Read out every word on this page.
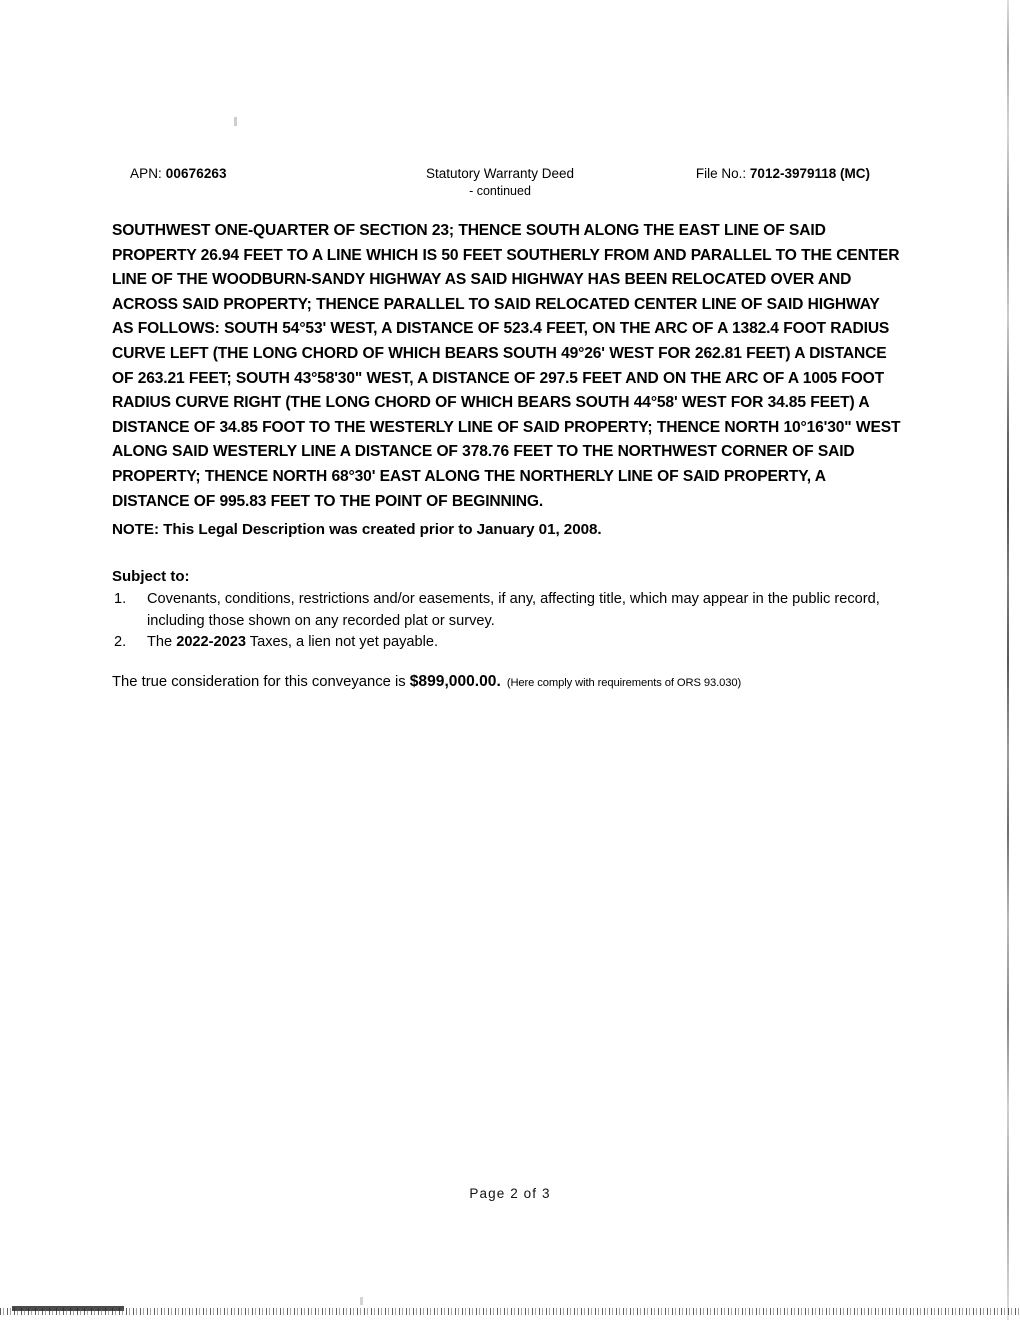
APN: 00676263	Statutory Warranty Deed
- continued
File No.: 7012-3979118 (MC)
SOUTHWEST ONE-QUARTER OF SECTION 23; THENCE SOUTH ALONG THE EAST LINE OF SAID PROPERTY 26.94 FEET TO A LINE WHICH IS 50 FEET SOUTHERLY FROM AND PARALLEL TO THE CENTER LINE OF THE WOODBURN-SANDY HIGHWAY AS SAID HIGHWAY HAS BEEN RELOCATED OVER AND ACROSS SAID PROPERTY; THENCE PARALLEL TO SAID RELOCATED CENTER LINE OF SAID HIGHWAY AS FOLLOWS: SOUTH 54°53' WEST, A DISTANCE OF 523.4 FEET, ON THE ARC OF A 1382.4 FOOT RADIUS CURVE LEFT (THE LONG CHORD OF WHICH BEARS SOUTH 49°26' WEST FOR 262.81 FEET) A DISTANCE OF 263.21 FEET; SOUTH 43°58'30" WEST, A DISTANCE OF 297.5 FEET AND ON THE ARC OF A 1005 FOOT RADIUS CURVE RIGHT (THE LONG CHORD OF WHICH BEARS SOUTH 44°58' WEST FOR 34.85 FEET) A DISTANCE OF 34.85 FOOT TO THE WESTERLY LINE OF SAID PROPERTY; THENCE NORTH 10°16'30" WEST ALONG SAID WESTERLY LINE A DISTANCE OF 378.76 FEET TO THE NORTHWEST CORNER OF SAID PROPERTY; THENCE NORTH 68°30' EAST ALONG THE NORTHERLY LINE OF SAID PROPERTY, A DISTANCE OF 995.83 FEET TO THE POINT OF BEGINNING.
NOTE: This Legal Description was created prior to January 01, 2008.
Subject to:
1. Covenants, conditions, restrictions and/or easements, if any, affecting title, which may appear in the public record, including those shown on any recorded plat or survey.
2. The 2022-2023 Taxes, a lien not yet payable.
The true consideration for this conveyance is $899,000.00. (Here comply with requirements of ORS 93.030)
Page 2 of 3
